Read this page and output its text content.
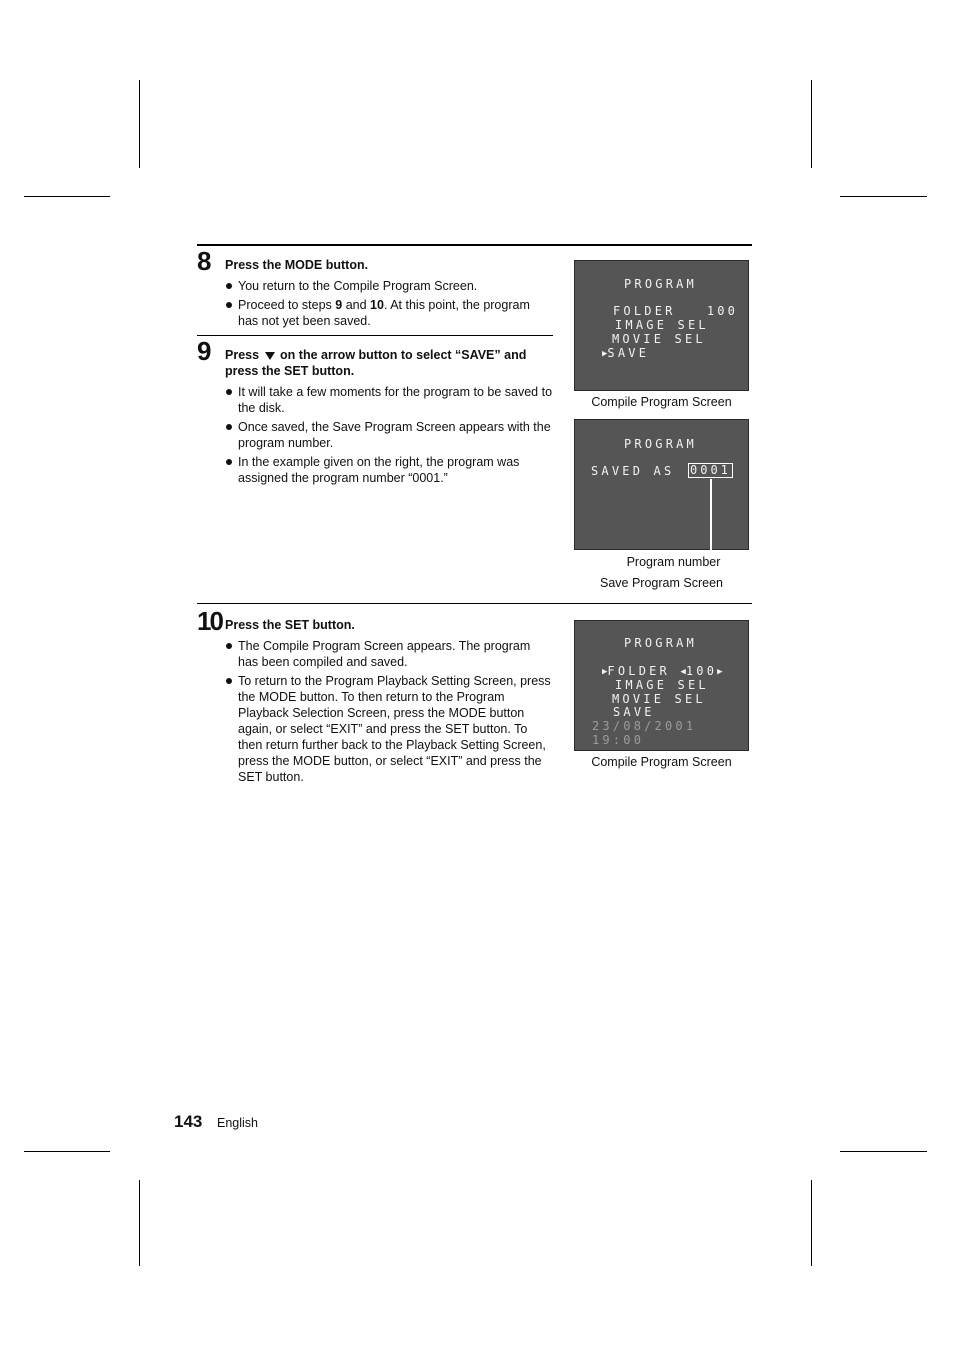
8 Press the MODE button.
You return to the Compile Program Screen.
Proceed to steps 9 and 10. At this point, the program has not yet been saved.
9 Press on the arrow button to select “SAVE” and press the SET button.
It will take a few moments for the program to be saved to the disk.
Once saved, the Save Program Screen appears with the program number.
In the example given on the right, the program was assigned the program number “0001.”
10 Press the SET button.
The Compile Program Screen appears. The program has been compiled and saved.
To return to the Program Playback Setting Screen, press the MODE button. To then return to the Program Playback Selection Screen, press the MODE button again, or select “EXIT” and press the SET button. To then return further back to the Playback Setting Screen, press the MODE button, or select “EXIT” and press the SET button.
PROGRAM
FOLDER   100
IMAGE SEL
MOVIE SEL
▶SAVE
Compile Program Screen
PROGRAM
SAVED AS 0001
Program number
Save Program Screen
PROGRAM
▶FOLDER ◀100▶
IMAGE SEL
MOVIE SEL
SAVE
23/08/2001
19:00
Compile Program Screen
143 English
